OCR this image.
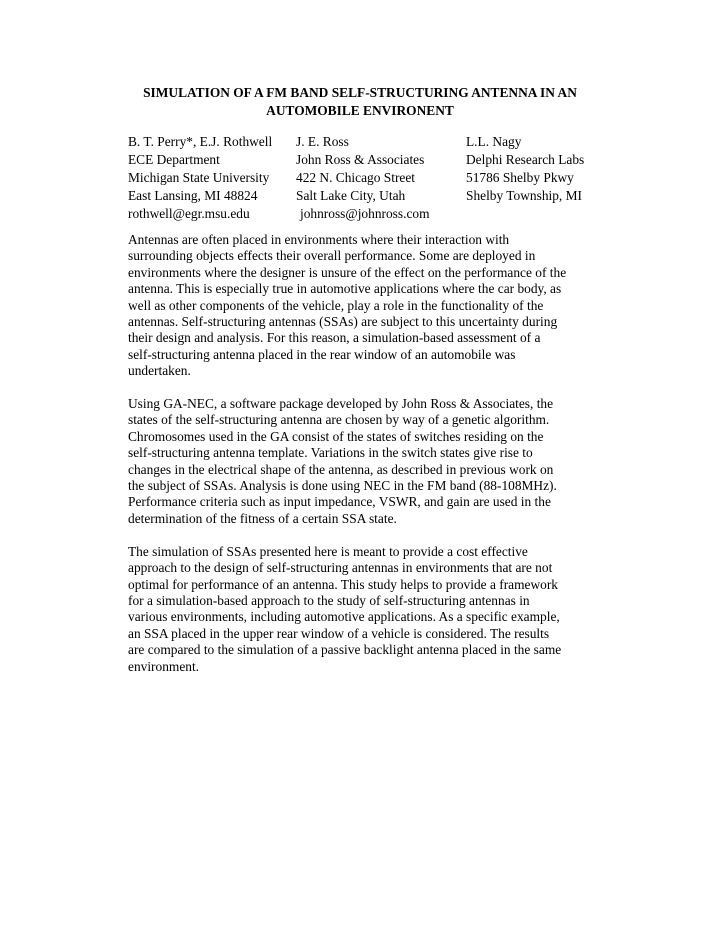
SIMULATION OF A FM BAND SELF-STRUCTURING ANTENNA IN AN
AUTOMOBILE ENVIRONENT
B. T. Perry*, E.J. Rothwell
ECE Department
Michigan State University
East Lansing, MI 48824
rothwell@egr.msu.edu
J. E. Ross
John Ross & Associates
422 N. Chicago Street
Salt Lake City, Utah
johnross@johnross.com
L.L. Nagy
Delphi Research Labs
51786 Shelby Pkwy
Shelby Township, MI

Antennas are often placed in environments where their interaction with
surrounding objects effects their overall performance. Some are deployed in
environments where the designer is unsure of the effect on the performance of the
antenna. This is especially true in automotive applications where the car body, as
well as other components of the vehicle, play a role in the functionality of the
antennas. Self-structuring antennas (SSAs) are subject to this uncertainty during
their design and analysis. For this reason, a simulation-based assessment of a
self-structuring antenna placed in the rear window of an automobile was
undertaken.

Using GA-NEC, a software package developed by John Ross & Associates, the
states of the self-structuring antenna are chosen by way of a genetic algorithm.
Chromosomes used in the GA consist of the states of switches residing on the
self-structuring antenna template. Variations in the switch states give rise to
changes in the electrical shape of the antenna, as described in previous work on
the subject of SSAs. Analysis is done using NEC in the FM band (88-108MHz).
Performance criteria such as input impedance, VSWR, and gain are used in the
determination of the fitness of a certain SSA state.

The simulation of SSAs presented here is meant to provide a cost effective
approach to the design of self-structuring antennas in environments that are not
optimal for performance of an antenna. This study helps to provide a framework
for a simulation-based approach to the study of self-structuring antennas in
various environments, including automotive applications. As a specific example,
an SSA placed in the upper rear window of a vehicle is considered. The results
are compared to the simulation of a passive backlight antenna placed in the same
environment.
